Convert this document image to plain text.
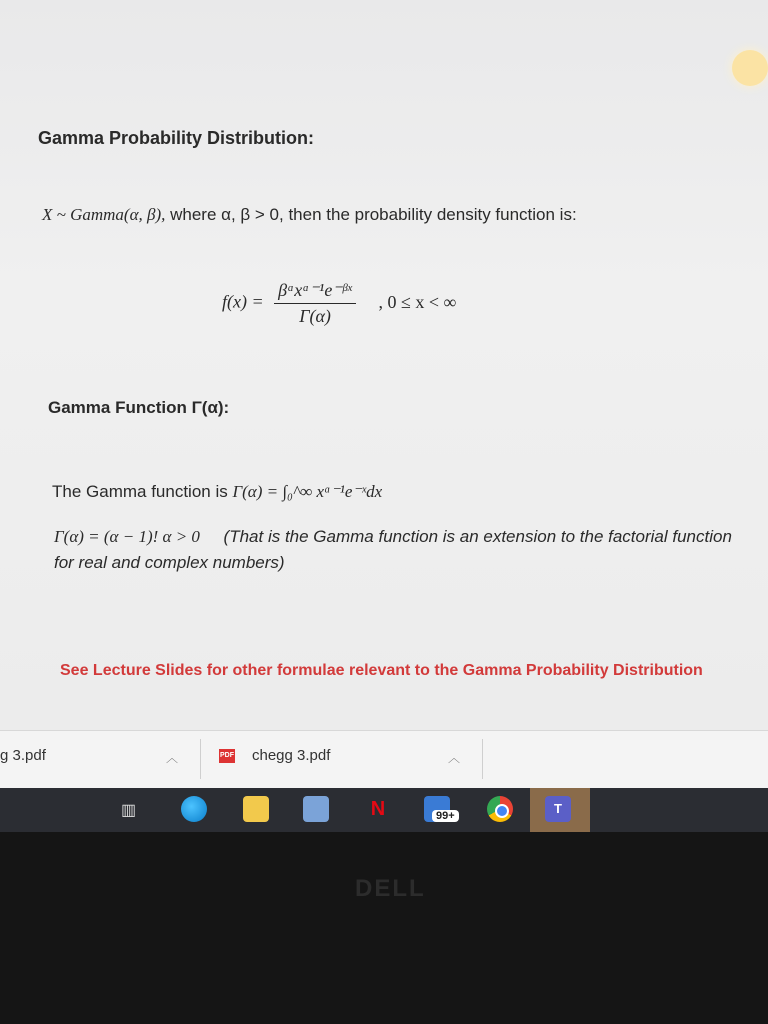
Gamma Probability Distribution:
X ~ Gamma(α, β), where α, β > 0, then the probability density function is:
$f(x) = \frac{\text{βᵅxᵅ⁻¹e⁻ᵝˣ}}{\Gamma(\alpha)}$ , 0 ≤ x < ∞
Gamma Function Γ(α):
The Gamma function is Γ(α) = ∫₀^∞ xᵅ⁻¹e⁻ˣdx
Γ(α) = (α − 1)! α > 0 (That is the Gamma function is an extension to the factorial function for real and complex numbers)
See Lecture Slides for other formulae relevant to the Gamma Probability Distribution
g 3.pdf	︿	PDF chegg 3.pdf	︿
▥	N	99+	T
DELL
